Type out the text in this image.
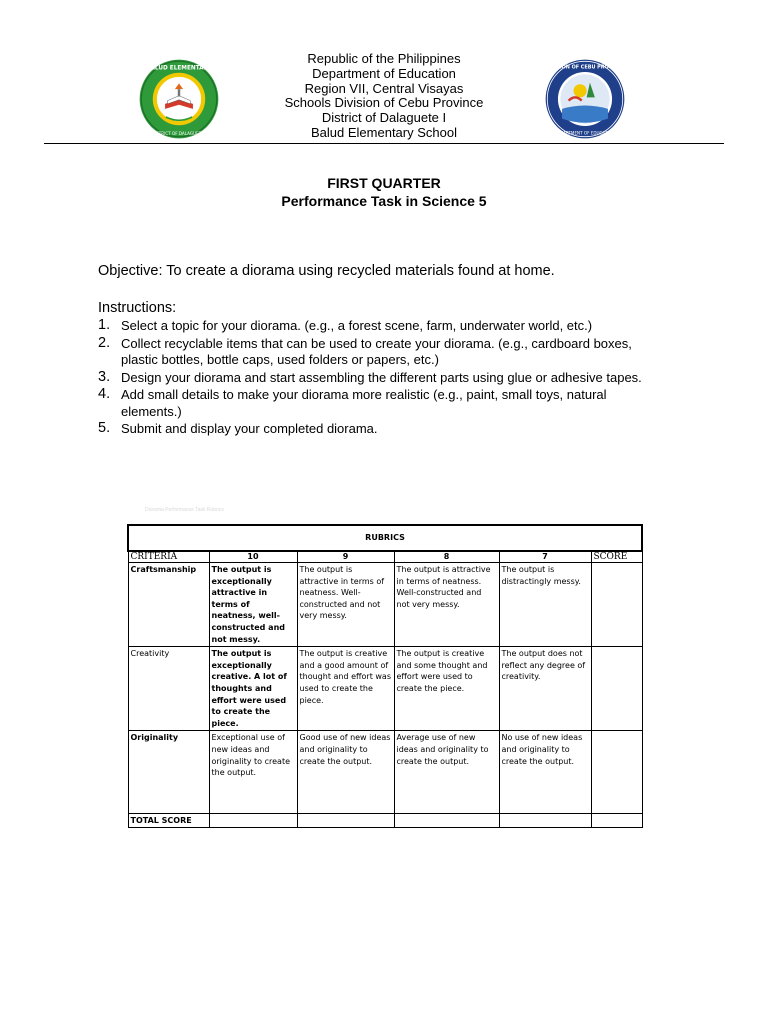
BALUD ELEMENTARY
DISTRICT OF DALAGUETE I
Republic of the Philippines
Department of Education
Region VII, Central Visayas
Schools Division of Cebu Province
District of Dalaguete I
Balud Elementary School
DIVISION OF CEBU PROVINCE
DEPARTMENT OF EDUCATION
FIRST QUARTER
Performance Task in Science 5
Objective: To create a diorama using recycled materials found at home.
Instructions:
1. Select a topic for your diorama. (e.g., a forest scene, farm, underwater world, etc.)
2. Collect recyclable items that can be used to create your diorama. (e.g., cardboard boxes, plastic bottles, bottle caps, used folders or papers, etc.)
3. Design your diorama and start assembling the different parts using glue or adhesive tapes.
4. Add small details to make your diorama more realistic (e.g., paint, small toys, natural elements.)
5. Submit and display your completed diorama.
Diorama Performance Task Rubrics
RUBRICS					
CRITERIA	10	9	8	7	SCORE
Craftsmanship	The output is exceptionally attractive in terms of neatness, well-constructed and not messy.	The output is attractive in terms of neatness. Well-constructed and not very messy.	The output is attractive in terms of neatness. Well-constructed and not very messy.	The output is distractingly messy.	
Creativity	The output is exceptionally creative. A lot of thoughts and effort were used to create the piece.	The output is creative and a good amount of thought and effort was used to create the piece.	The output is creative and some thought and effort were used to create the piece.	The output does not reflect any degree of creativity.	
Originality	Exceptional use of new ideas and originality to create the output.	Good use of new ideas and originality to create the output.	Average use of new ideas and originality to create the output.	No use of new ideas and originality to create the output.	
TOTAL SCORE					
